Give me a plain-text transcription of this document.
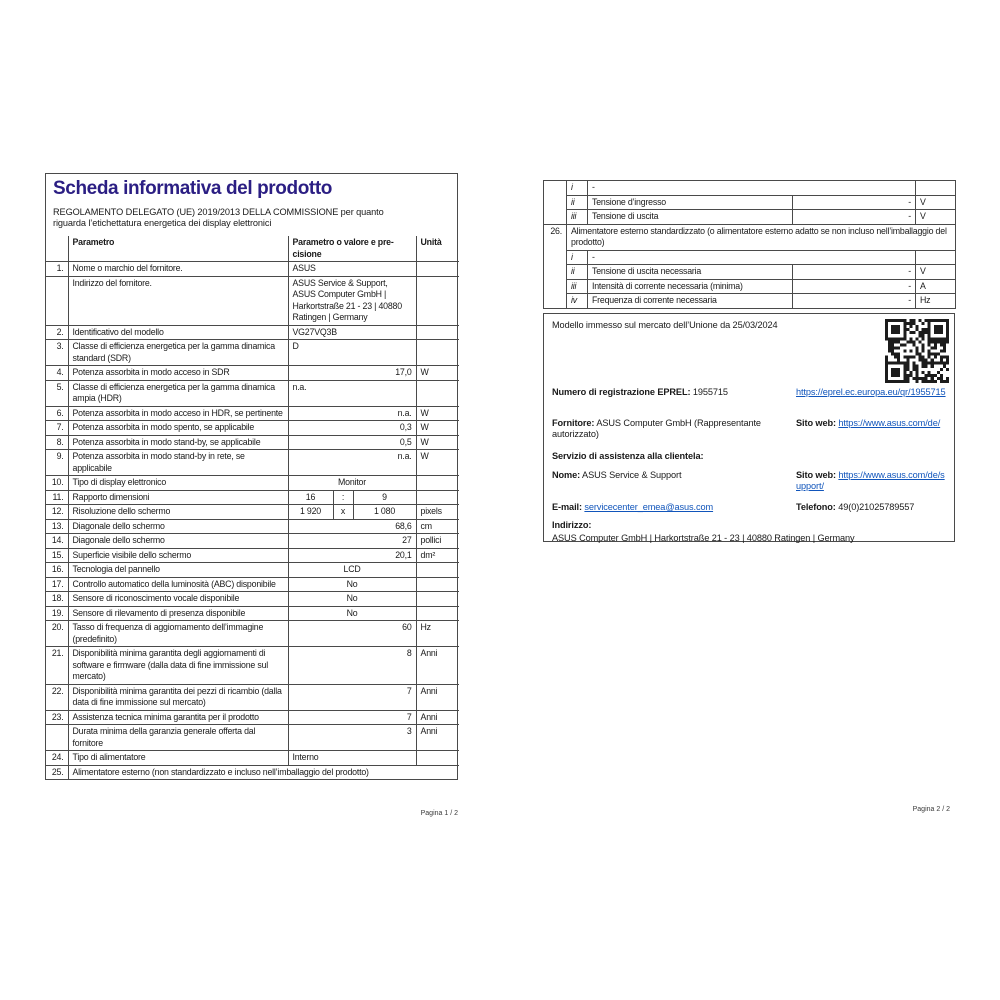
Scheda informativa del prodotto
REGOLAMENTO DELEGATO (UE) 2019/2013 DELLA COMMISSIONE per quanto riguarda l’etichettatura energetica dei display elettronici
	Parametro	Parametro o valore e pre-cisione			Unità
1.	Nome o marchio del fornitore.	ASUS			
	Indirizzo del fornitore.	ASUS Service & Support, ASUS Computer GmbH | Harkortstraße 21 - 23 | 40880 Ratingen | Germany			
2.	Identificativo del modello	VG27VQ3B			
3.	Classe di efficienza energetica per la gamma dinamica standard (SDR)	D			
4.	Potenza assorbita in modo acceso in SDR	17,0			W
5.	Classe di efficienza energetica per la gamma dinamica ampia (HDR)	n.a.			
6.	Potenza assorbita in modo acceso in HDR, se pertinente	n.a.			W
7.	Potenza assorbita in modo spento, se applicabile	0,3			W
8.	Potenza assorbita in modo stand-by, se applicabile	0,5			W
9.	Potenza assorbita in modo stand-by in rete, se applicabile	n.a.			W
10.	Tipo di display elettronico	Monitor			
11.	Rapporto dimensioni	16	:	9	
12.	Risoluzione dello schermo	1 920	x	1 080	pixels
13.	Diagonale dello schermo	68,6			cm
14.	Diagonale dello schermo	27			pollici
15.	Superficie visibile dello schermo	20,1			dm²
16.	Tecnologia del pannello	LCD			
17.	Controllo automatico della luminosità (ABC) disponibile	No			
18.	Sensore di riconoscimento vocale disponibile	No			
19.	Sensore di rilevamento di presenza disponibile	No			
20.	Tasso di frequenza di aggiornamento dell’immagine (predefinito)	60			Hz
21.	Disponibilità minima garantita degli aggiornamenti di software e firmware (dalla data di fine immissione sul mercato)	8			Anni
22.	Disponibilità minima garantita dei pezzi di ricambio (dalla data di fine immissione sul mercato)	7			Anni
23.	Assistenza tecnica minima garantita per il prodotto	7			Anni
	Durata minima della garanzia generale offerta dal fornitore	3			Anni
24.	Tipo di alimentatore	Interno			
25.	Alimentatore esterno (non standardizzato e incluso nell’imballaggio del prodotto)				
Pagina 1 / 2
	i	-		
	ii	Tensione d’ingresso	-	V
	iii	Tensione di uscita	-	V
26.	Alimentatore esterno standardizzato (o alimentatore esterno adatto se non incluso nell’imballaggio del prodotto)			
	i	-		
	ii	Tensione di uscita necessaria	-	V
	iii	Intensità di corrente necessaria (minima)	-	A
	iv	Frequenza di corrente necessaria	-	Hz
Modello immesso sul mercato dell’Unione da 25/03/2024
Numero di registrazione EPREL: 1955715	https://eprel.ec.europa.eu/qr/1955715
Fornitore: ASUS Computer GmbH (Rappresentante autorizzato)
Sito web: https://www.asus.com/de/
Servizio di assistenza alla clientela:
Nome: ASUS Service & Support	Sito web: https://www.asus.com/de/support/
E-mail: servicecenter_emea@asus.com	Telefono: 49(0)21025789557
Indirizzo:
ASUS Computer GmbH | Harkortstraße 21 - 23 | 40880 Ratingen | Germany
Pagina 2 / 2
